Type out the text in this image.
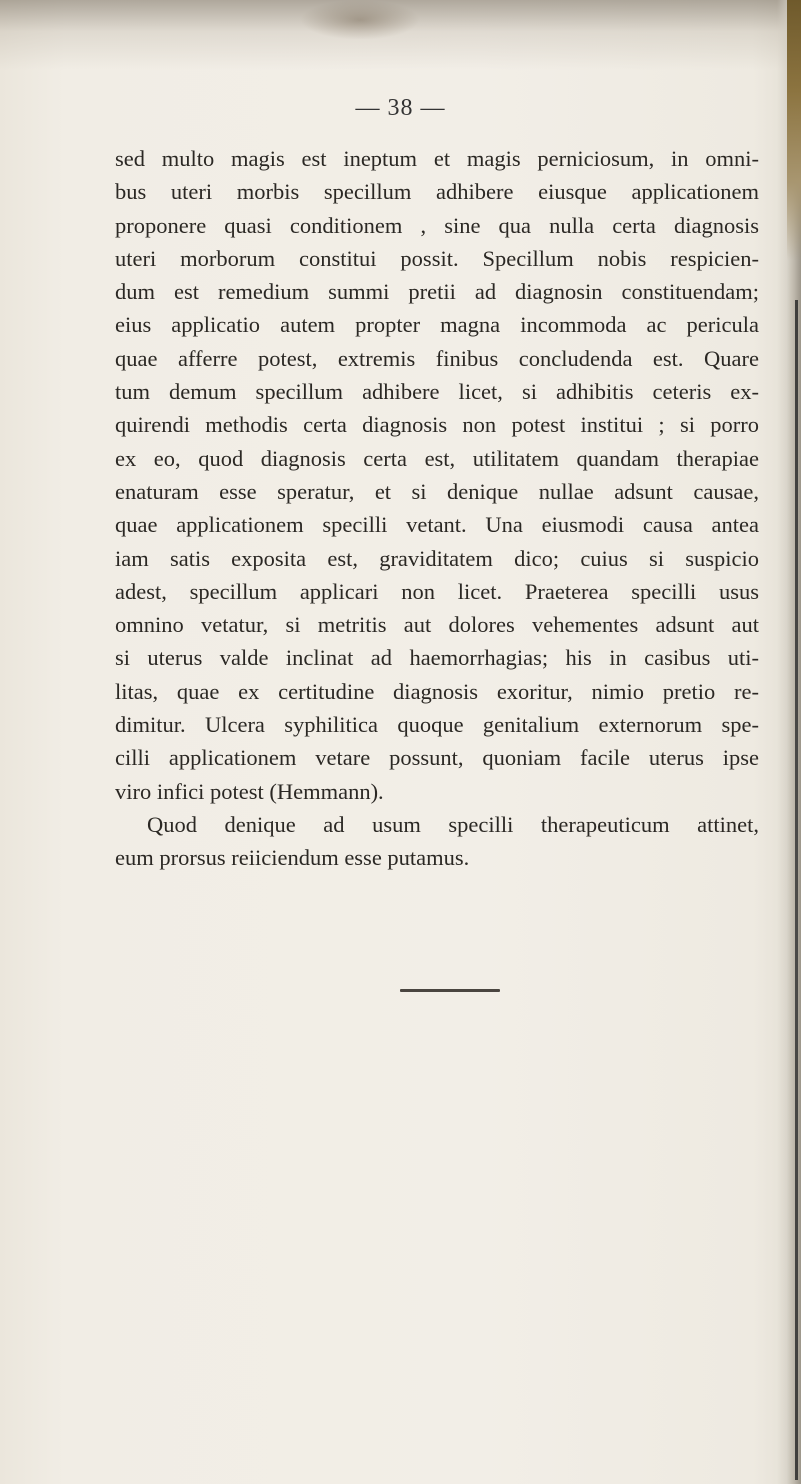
— 38 —
sed multo magis est ineptum et magis perniciosum, in omni-
bus uteri morbis specillum adhibere eiusque applicationem
proponere quasi conditionem , sine qua nulla certa diagnosis
uteri morborum constitui possit. Specillum nobis respicien-
dum est remedium summi pretii ad diagnosin constituendam;
eius applicatio autem propter magna incommoda ac pericula
quae afferre potest, extremis finibus concludenda est. Quare
tum demum specillum adhibere licet, si adhibitis ceteris ex-
quirendi methodis certa diagnosis non potest institui ; si porro
ex eo, quod diagnosis certa est, utilitatem quandam therapiae
enaturam esse speratur, et si denique nullae adsunt causae,
quae applicationem specilli vetant. Una eiusmodi causa antea
iam satis exposita est, graviditatem dico; cuius si suspicio
adest, specillum applicari non licet. Praeterea specilli usus
omnino vetatur, si metritis aut dolores vehementes adsunt aut
si uterus valde inclinat ad haemorrhagias; his in casibus uti-
litas, quae ex certitudine diagnosis exoritur, nimio pretio re-
dimitur. Ulcera syphilitica quoque genitalium externorum spe-
cilli applicationem vetare possunt, quoniam facile uterus ipse
viro infici potest (Hemmann).
Quod denique ad usum specilli therapeuticum attinet,
eum prorsus reiiciendum esse putamus.
